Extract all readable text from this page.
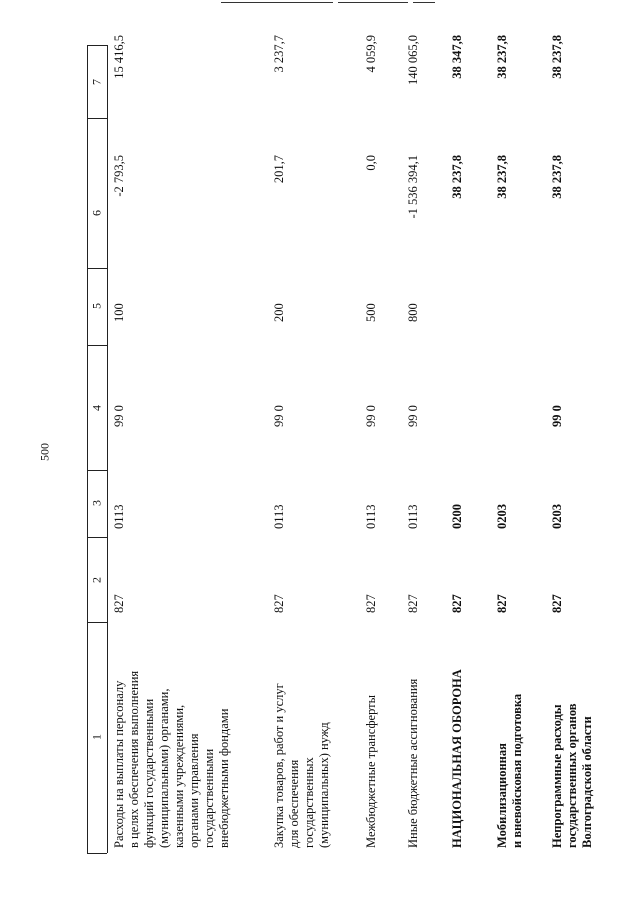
500
7
6
5
4
3
2
1 Расходы на выплаты персоналу в целях обеспечения выполнения функций государственными (муниципальными) органами, казенными учреждениями, органами управления государственными внебюджетными фондами
827
0113
99 0
100
-2 793,5
15 416,5
Закупка товаров, работ и услуг для обеспечения государственных (муниципальных) нужд
827
0113
99 0
200
201,7
3 237,7
Межбюджетные трансферты
827
0113
99 0
500
0,0
4 059,9
Иные бюджетные ассигнования
827
0113
99 0
800
-1 536 394,1
140 065,0
НАЦИОНАЛЬНАЯ ОБОРОНА
827
0200
38 237,8
38 347,8
Мобилизационная и вневойсковая подготовка
827
0203
38 237,8
38 237,8
Непрограммные расходы государственных органов Волгоградской области
827
0203
99 0
38 237,8
38 237,8
